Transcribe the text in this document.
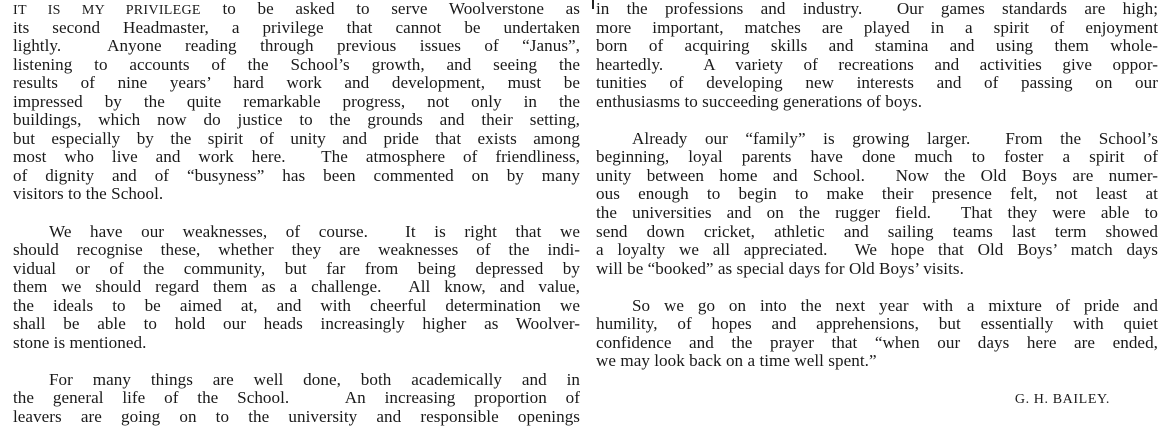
IT IS MY PRIVILEGE to be asked to serve Woolverstone as
its second Headmaster, a privilege that cannot be undertaken
lightly.  Anyone reading through previous issues of “Janus”,
listening to accounts of the School’s growth, and seeing the
results of nine years’ hard work and development, must be
impressed by the quite remarkable progress, not only in the
buildings, which now do justice to the grounds and their setting,
but especially by the spirit of unity and pride that exists among
most who live and work here.  The atmosphere of friendliness,
of dignity and of “busyness” has been commented on by many
visitors to the School.
We have our weaknesses, of course.  It is right that we
should recognise these, whether they are weaknesses of the indi-
vidual or of the community, but far from being depressed by
them we should regard them as a challenge.  All know, and value,
the ideals to be aimed at, and with cheerful determination we
shall be able to hold our heads increasingly higher as Woolver-
stone is mentioned.
For many things are well done, both academically and in
the general life of the School.   An increasing proportion of
leavers are going on to the university and responsible openings
in the professions and industry.  Our games standards are high;
more important, matches are played in a spirit of enjoyment
born of acquiring skills and stamina and using them whole-
heartedly.  A variety of recreations and activities give oppor-
tunities of developing new interests and of passing on our
enthusiasms to succeeding generations of boys.
Already our “family” is growing larger.  From the School’s
beginning, loyal parents have done much to foster a spirit of
unity between home and School.  Now the Old Boys are numer-
ous enough to begin to make their presence felt, not least at
the universities and on the rugger field.  That they were able to
send down cricket, athletic and sailing teams last term showed
a loyalty we all appreciated.  We hope that Old Boys’ match days
will be “booked” as special days for Old Boys’ visits.
So we go on into the next year with a mixture of pride and
humility, of hopes and apprehensions, but essentially with quiet
confidence and the prayer that “when our days here are ended,
we may look back on a time well spent.”
G. H. BAILEY.
